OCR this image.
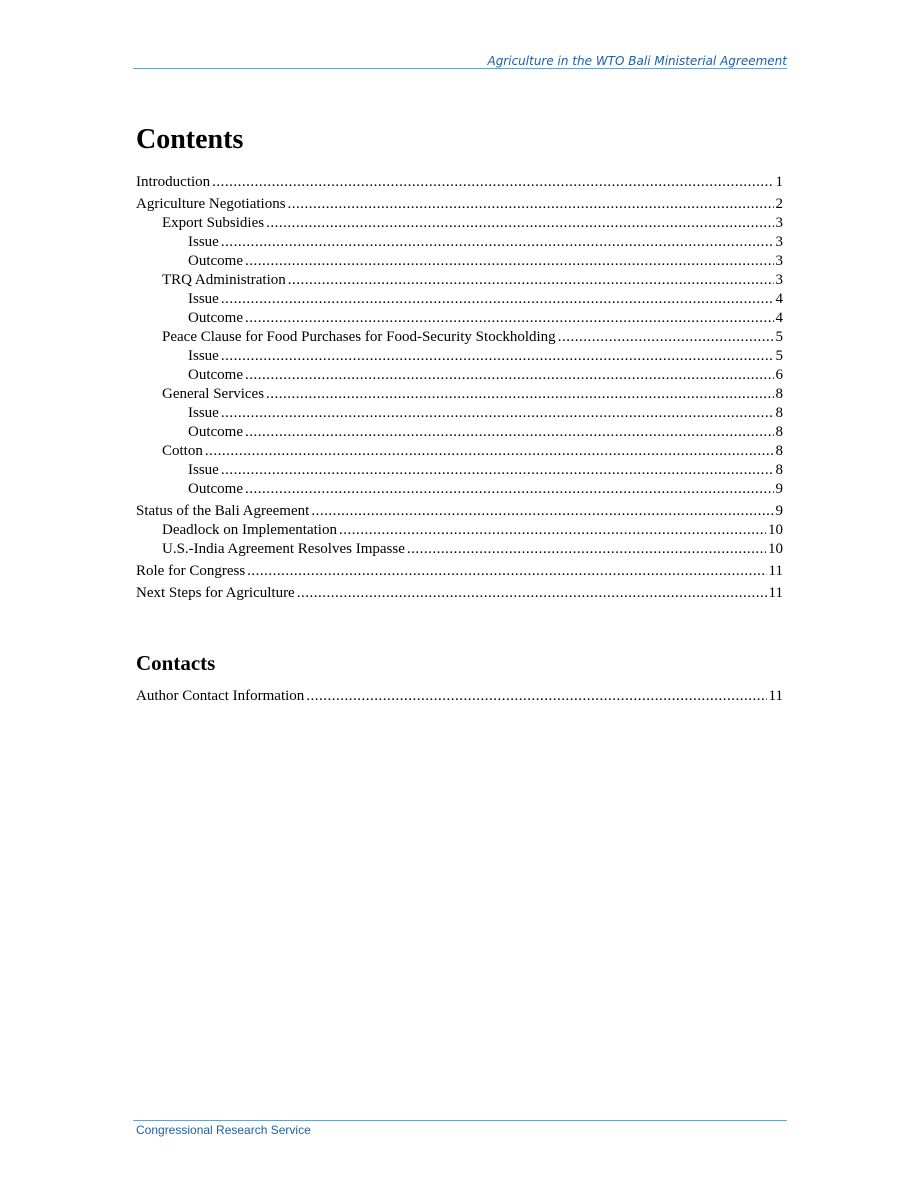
Agriculture in the WTO Bali Ministerial Agreement
Contents
Introduction .....	1
Agriculture Negotiations .....	2
Export Subsidies .....	3
Issue .....	3
Outcome .....	3
TRQ Administration .....	3
Issue .....	4
Outcome .....	4
Peace Clause for Food Purchases for Food-Security Stockholding .....	5
Issue .....	5
Outcome .....	6
General Services .....	8
Issue .....	8
Outcome .....	8
Cotton .....	8
Issue .....	8
Outcome .....	9
Status of the Bali Agreement .....	9
Deadlock on Implementation .....	10
U.S.-India Agreement Resolves Impasse .....	10
Role for Congress .....	11
Next Steps for Agriculture .....	11
Contacts
Author Contact Information .....	11
Congressional Research Service
